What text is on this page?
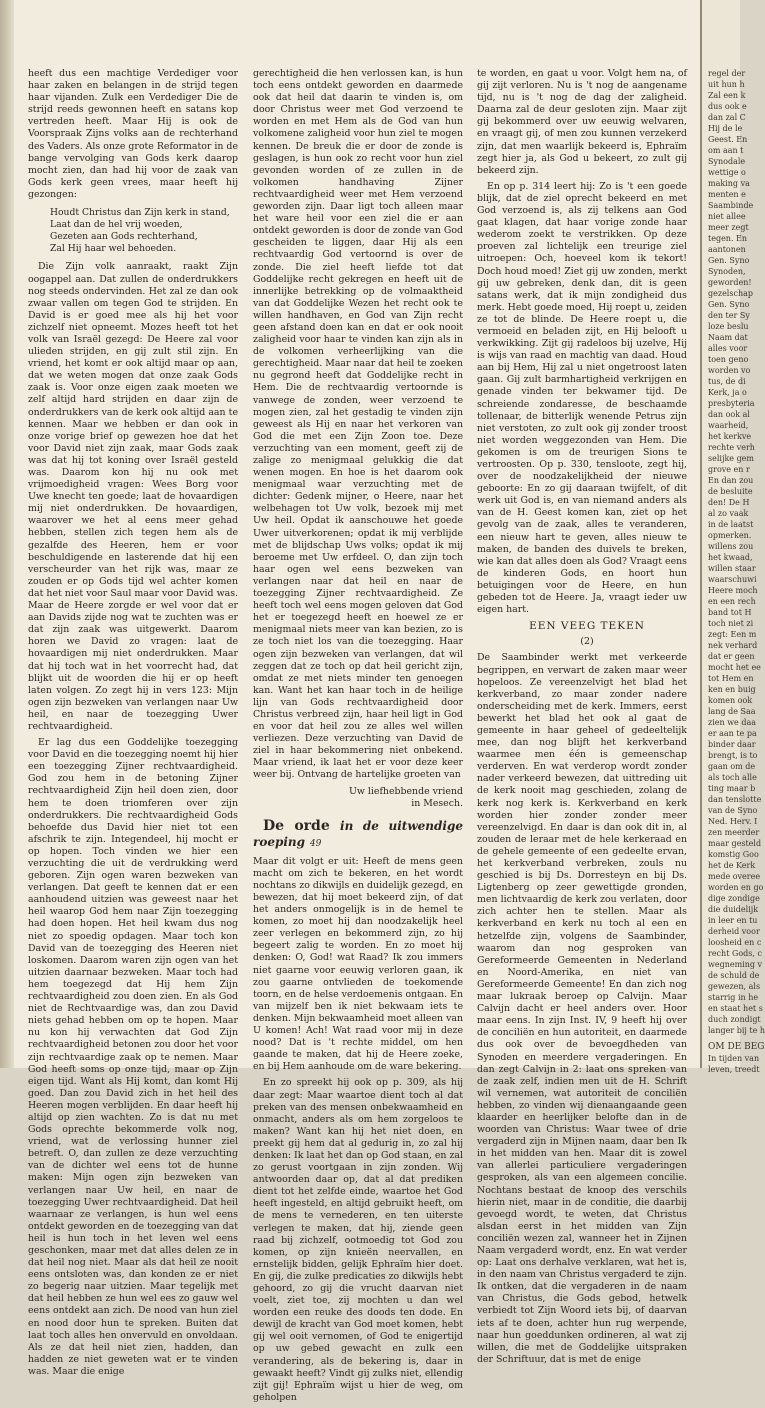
heeft dus een machtige Verdediger voor haar zaken en belangen in de strijd tegen haar vijanden. Zulk een Verdediger Die de strijd reeds gewonnen heeft en satans kop vertreden heeft. Maar Hij is ook de Voorspraak Zijns volks aan de rechterhand des Vaders. Als onze grote Reformator in de bange vervolging van Gods kerk daarop mocht zien, dan had hij voor de zaak van Gods kerk geen vrees, maar heeft hij gezongen:

Houdt Christus dan Zijn kerk in stand,
Laat dan de hel vrij woeden,
Gezeten aan Gods rechterhand,
Zal Hij haar wel behoeden.

Die Zijn volk aanraakt, raakt Zijn oogappel aan. Dat zullen de onderdrukkers nog steeds ondervinden. Het zal ze dan ook zwaar vallen om tegen God te strijden. En David is er goed mee als hij het voor zichzelf niet opneemt. Mozes heeft tot het volk van Israël gezegd: De Heere zal voor ulieden strijden, en gij zult stil zijn. En vriend, het komt er ook altijd maar op aan, dat we weten mogen dat onze zaak Gods zaak is. Voor onze eigen zaak moeten we zelf altijd hard strijden en daar zijn de onderdrukkers van de kerk ook altijd aan te kennen. Maar we hebben er dan ook in onze vorige brief op gewezen hoe dat het voor David niet zijn zaak, maar Gods zaak was dat hij tot koning over Israël gesteld was. Daarom kon hij nu ook met vrijmoedigheid vragen: Wees Borg voor Uwe knecht ten goede; laat de hovaardigen mij niet onderdrukken. De hovaardigen, waarover we het al eens meer gehad hebben, stellen zich tegen hem als de gezalfde des Heeren, hem er voor beschuldigende en lasterende dat hij een verscheurder van het rijk was, maar ze zouden er op Gods tijd wel achter komen dat het niet voor Saul maar voor David was. Maar de Heere zorgde er wel voor dat er aan Davids zijde nog wat te zuchten was er dat zijn zaak was uitgewerkt. Daarom horen we David zo vragen: laat de hovaardigen mij niet onderdrukken. Maar dat hij toch wat in het voorrecht had, dat blijkt uit de woorden die hij er op heeft laten volgen. Zo zegt hij in vers 123: Mijn ogen zijn bezweken van verlangen naar Uw heil, en naar de toezegging Uwer rechtvaardigheid.

Er lag dus een Goddelijke toezegging voor David en die toezegging noemt hij hier een toezegging Zijner rechtvaardigheid. God zou hem in de betoning Zijner rechtvaardigheid Zijn heil doen zien, door hem te doen triomferen over zijn onderdrukkers. Die rechtvaardigheid Gods behoefde dus David hier niet tot een afschrik te zijn. Integendeel, hij mocht er op hopen. Toch vinden we hier een verzuchting die uit de verdrukking werd geboren. Zijn ogen waren bezweken van verlangen. Dat geeft te kennen dat er een aanhoudend uitzien was geweest naar het heil waarop God hem naar Zijn toezegging had doen hopen. Het heil kwam dus nog niet zo spoedig opdagen. Maar toch kon David van de toezegging des Heeren niet loskomen. Daarom waren zijn ogen van het uitzien daarnaar bezweken. Maar toch had hem toegezegd dat Hij hem Zijn rechtvaardigheid zou doen zien. En als God niet de Rechtvaardige was, dan zou David niets gehad hebben om op te hopen. Maar nu kon hij verwachten dat God Zijn rechtvaardigheid betonen zou door het voor zijn rechtvaardige zaak op te nemen. Maar God heeft soms op onze tijd, maar op Zijn eigen tijd. Want als Hij komt, dan komt Hij goed. Dan zou David zich in het heil des Heeren mogen verblijden. En daar heeft hij altijd op zien wachten. Zo is dat nu met Gods oprechte bekommerde volk nog, vriend, wat de verlossing hunner ziel betreft. O, dan zullen ze deze verzuchting van de dichter wel eens tot de hunne maken: Mijn ogen zijn bezweken van verlangen naar Uw heil, en naar de toezegging Uwer rechtvaardigheid. Dat heil waarnaar ze verlangen, is hun wel eens ontdekt geworden en de toezegging van dat heil is hun toch in het leven wel eens geschonken, maar met dat alles delen ze in dat heil nog niet. Maar als dat heil ze nooit eens ontsloten was, dan konden ze er niet zo begerig naar uitzien. Maar tegelijk met dat heil hebben ze hun wel ees zo gauw wel eens ontdekt aan zich. De nood van hun ziel en nood door hun te spreken. Buiten dat laat toch alles hen onvervuld en onvoldaan. Als ze dat heil niet zien, hadden, dan hadden ze niet geweten wat er te vinden was. Maar die enige

gerechtigheid die hen verlossen kan, is hun toch eens ontdekt geworden en daarmede ook dat heil dat daarin te vinden is, om door Christus weer met God verzoend te worden en met Hem als de God van hun volkomene zaligheid voor hun ziel te mogen kennen. De breuk die er door de zonde is geslagen, is hun ook zo recht voor hun ziel gevonden worden of ze zullen in de volkomen handhaving Zijner rechtvaardigheid weer met Hem verzoend geworden zijn. Daar ligt toch alleen maar het ware heil voor een ziel die er aan ontdekt geworden is door de zonde van God gescheiden te liggen, daar Hij als een rechtvaardig God vertoornd is over de zonde. Die ziel heeft liefde tot dat Goddelijke recht gekregen en heeft uit de innerlijke betrekking op de volmaaktheid van dat Goddelijke Wezen het recht ook te willen handhaven, en God van Zijn recht geen afstand doen kan en dat er ook nooit zaligheid voor haar te vinden kan zijn als in de volkomen verheerlijking van die gerechtigheid. Maar naar dat heil te zoeken nu gegrond heeft dat Goddelijke recht in Hem. Die de rechtvaardig vertoornde is vanwege de zonden, weer verzoend te mogen zien, zal het gestadig te vinden zijn geweest als Hij en naar het verkoren van God die met een Zijn Zoon toe. Deze verzuchting van een moment, geeft zij de zalige zo menigmaal gelukkig die dat wenen mogen. En hoe is het daarom ook menigmaal waar verzuchting met de dichter: Gedenk mijner, o Heere, naar het welbehagen tot Uw volk, bezoek mij met Uw heil. Opdat ik aanschouwe het goede Uwer uitverkorenen; opdat ik mij verblijde met de blijdschap Uws volks; opdat ik mij beroeme met Uw erfdeel. O, dan zijn toch haar ogen wel eens bezweken van verlangen naar dat heil en naar de toezegging Zijner rechtvaardigheid. Ze heeft toch wel eens mogen geloven dat God het er toegezegd heeft en hoewel ze er menigmaal niets meer van kan bezien, zo is ze toch niet los van die toezegging. Haar ogen zijn bezweken van verlangen, dat wil zeggen dat ze toch op dat heil gericht zijn, omdat ze met niets minder ten genoegen kan. Want het kan haar toch in de heilige lijn van Gods rechtvaardigheid door Christus verbreed zijn, haar heil ligt in God en voor dat heil zou ze alles wel willen verliezen. Deze verzuchting van David de ziel in haar bekommering niet onbekend. Maar vriend, ik laat het er voor deze keer weer bij. Ontvang de hartelijke groeten van

Uw liefhebbende vriend
in Mesech.

De orde in de uitwendige roeping 49

Maar dit volgt er uit: Heeft de mens geen macht om zich te bekeren, en het wordt nochtans zo dikwijls en duidelijk gezegd, en bewezen, dat hij moet bekeerd zijn, of dat het anders onmogelijk is in de hemel te komen, zo moet hij dan noodzakelijk heel zeer verlegen en bekommerd zijn, zo hij begeert zalig te worden. En zo moet hij denken: O, God! wat Raad? Ik zou immers niet gaarne voor eeuwig verloren gaan, ik zou gaarne ontvlieden de toekomende toorn, en de helse verdoemenis ontgaan. En van mijzelf ben ik niet bekwaam iets te denken. Mijn bekwaamheid moet alleen van U komen! Ach! Wat raad voor mij in deze nood? Dat is 't rechte middel, om hen gaande te maken, dat hij de Heere zoeke, en bij Hem aanhoude om de ware bekering.

En zo spreekt hij ook op p. 309, als hij daar zegt: Maar waartoe dient toch al dat preken van des mensen onbekwaamheid en onmacht, anders als om hem zorgeloos te maken? Want kan hij het niet doen, en preekt gij hem dat al gedurig in, zo zal hij denken: Ik laat het dan op God staan, en zal zo gerust voortgaan in zijn zonden. Wij antwoorden daar op, dat al dat prediken dient tot het zelfde einde, waartoe het God heeft ingesteld, en altijd gebruikt heeft, om de mens te vernederen, en ten uiterste verlegen te maken, dat hij, ziende geen raad bij zichzelf, ootmoedig tot God zou komen, op zijn knieën neervallen, en ernstelijk bidden, gelijk Ephraïm hier doet. En gij, die zulke predicaties zo dikwijls hebt gehoord, zo gij die vrucht daarvan niet voelt, ziet toe, zij mochten u dan wel worden een reuke des doods ten dode. En dewijl de kracht van God moet komen, hebt gij wel ooit vernomen, of God te enigertijd op uw gebed gewacht en zulk een verandering, als de bekering is, daar in gewaakt heeft? Vindt gij zulks niet, ellendig zijt gij! Ephraïm wijst u hier de weg, om geholpen

te worden, en gaat u voor. Volgt hem na, of gij zijt verloren. Nu is 't nog de aangename tijd, nu is 't nog de dag der zaligheid. Daarna zal de deur gesloten zijn. Maar zijt gij bekommerd over uw eeuwig welvaren, en vraagt gij, of men zou kunnen verzekerd zijn, dat men waarlijk bekeerd is, Ephraïm zegt hier ja, als God u bekeert, zo zult gij bekeerd zijn.

En op p. 314 leert hij: Zo is 't een goede blijk, dat de ziel oprecht bekeerd en met God verzoend is, als zij telkens aan God gaat klagen, dat haar vorige zonde haar wederom zoekt te verstrikken. Op deze proeven zal lichtelijk een treurige ziel uitroepen: Och, hoeveel kom ik tekort! Doch houd moed! Ziet gij uw zonden, merkt gij uw gebreken, denk dan, dit is geen satans werk, dat ik mijn zondigheid dus merk. Hebt goede moed, Hij roept u, zeiden ze tot de blinde. De Heere roept u, die vermoeid en beladen zijt, en Hij belooft u verkwikking. Zijt gij radeloos bij uzelve, Hij is wijs van raad en machtig van daad. Houd aan bij Hem, Hij zal u niet ongetroost laten gaan. Gij zult barmhartigheid verkrijgen en genade vinden ter bekwamer tijd. De schreiende zondaresse, de beschaamde tollenaar, de bitterlijk wenende Petrus zijn niet verstoten, zo zult ook gij zonder troost niet worden weggezonden van Hem. Die gekomen is om de treurigen Sions te vertroosten. Op p. 330, tensloote, zegt hij, over de noodzakelijkheid der nieuwe geboorte: En zo gij daaraan twijfelt, of dit werk uit God is, en van niemand anders als van de H. Geest komen kan, ziet op het gevolg van de zaak, alles te veranderen, een nieuw hart te geven, alles nieuw te maken, de banden des duivels te breken, wie kan dat alles doen als God? Vraagt eens de kinderen Gods, en hoort hun betuigingen voor de Heere, en hun gebeden tot de Heere. Ja, vraagt ieder uw eigen hart.

EEN VEEG TEKEN

(2)

De Saambinder werkt met verkeerde begrippen, en verwart de zaken maar weer hopeloos. Ze vereenzelvigt het blad het kerkverband, zo maar zonder nadere onderscheiding met de kerk. Immers, eerst bewerkt het blad het ook al gaat de gemeente in haar geheel of gedeeltelijk mee, dan nog blijft het kerkverband waarmee men één is gemeenschap verderven. En wat verderop wordt zonder nader verkeerd bewezen, dat uittreding uit de kerk nooit mag geschieden, zolang de kerk nog kerk is. Kerkverband en kerk worden hier zonder zonder meer vereenzelvigd. En daar is dan ook dit in, al zouden de leraar met de hele kerkeraad en de gehele gemeente of een gedeelte ervan, het kerkverband verbreken, zouls nu geschied is bij Ds. Dorresteyn en bij Ds. Ligtenberg op zeer gewettigde gronden, men lichtvaardig de kerk zou verlaten, door zich achter hen te stellen. Maar als kerkverband en kerk nu toch al een en hetzelfde zijn, volgens de Saambinder, waarom dan nog gesproken van Gereformeerde Gemeenten in Nederland en Noord-Amerika, en niet van Gereformeerde Gemeente! En dan zich nog maar lukraak beroep op Calvijn. Maar Calvijn dacht er heel anders over. Hoor maar eens. In zijn Inst. IV, 9 heeft hij over de conciliën en hun autoriteit, en daarmede dus ook over de bevoegdheden van Synoden en meerdere vergaderingen. En dan zegt Calvijn in 2: laat ons spreken van de zaak zelf, indien men uit de H. Schrift wil vernemen, wat autoriteit de conciliën hebben, zo vinden wij dienaangaande geen klaarder en heerlijker belofte dan in de woorden van Christus: Waar twee of drie vergaderd zijn in Mijnen naam, daar ben Ik in het midden van hen. Maar dit is zowel van allerlei particuliere vergaderingen gesproken, als van een algemeen concilie. Nochtans bestaat de knoop des verschils hierin niet, maar in de conditie, die daarbij gevoegd wordt, te weten, dat Christus alsdan eerst in het midden van Zijn conciliën wezen zal, wanneer het in Zijnen Naam vergaderd wordt, enz. En wat verder op: Laat ons derhalve verklaren, wat het is, in den naam van Christus vergaderd te zijn. Ik ontken, dat die vergaderen in de naam van Christus, die Gods gebod, hetwelk verbiedt tot Zijn Woord iets bij, of daarvan iets af te doen, achter hun rug werpende, naar hun goeddunken ordineren, al wat zij willen, die met de Goddelijke uitspraken der Schriftuur, dat is met de enige

regel der
uit hun h
Zal een k
dus ook e
dan zal C
Hij de le
Geest. En
om aan t
Synodale
wettige o
making va
menten e
Saambinde
niet allee
meer zegt
tegen. En
aantonen
Gen. Syno
Synoden,
geworden!
gezelschap
Gen. Syno
den ter Sy
loze beslu
Naam dat
alles voor
toen geno
worden vo
tus, de di
Kerk, ja o
presbyteria
dan ook al
waarheid,
het kerkve
rechte verh
selijke gem
grove en r
En dan zou
de besluite
den! De H
al zo vaak
in de laatst
opmerken.
willens zou
het kwaad,
willen staar
waarschuwi
Heere moch
en een rech
band tot H
toch niet zi
zegt: Een m
nek verhard
dat er geen
mocht het ee
tot Hem en
ken en buig
komen ook
lang de Saa
zien we daa
er aan te pa
binder daar
brengt, is to
gaan om de
als toch alle
ting maar b
dan tenslotte
van de Syno
Ned. Herv. I
zen meerder
maar gesteld
komstig Goo
het de Kerk
mede overee
worden en go
dige zondige
die duidelijk
in leer en tu
derheid voor
loosheid en c
recht Gods, c
wegneming v
de schuld de
gewezen, als
starrig in he
en staat het s
duch zondigt
langer bij te h
OM DE BEG
In tijden van
leven, treedt
